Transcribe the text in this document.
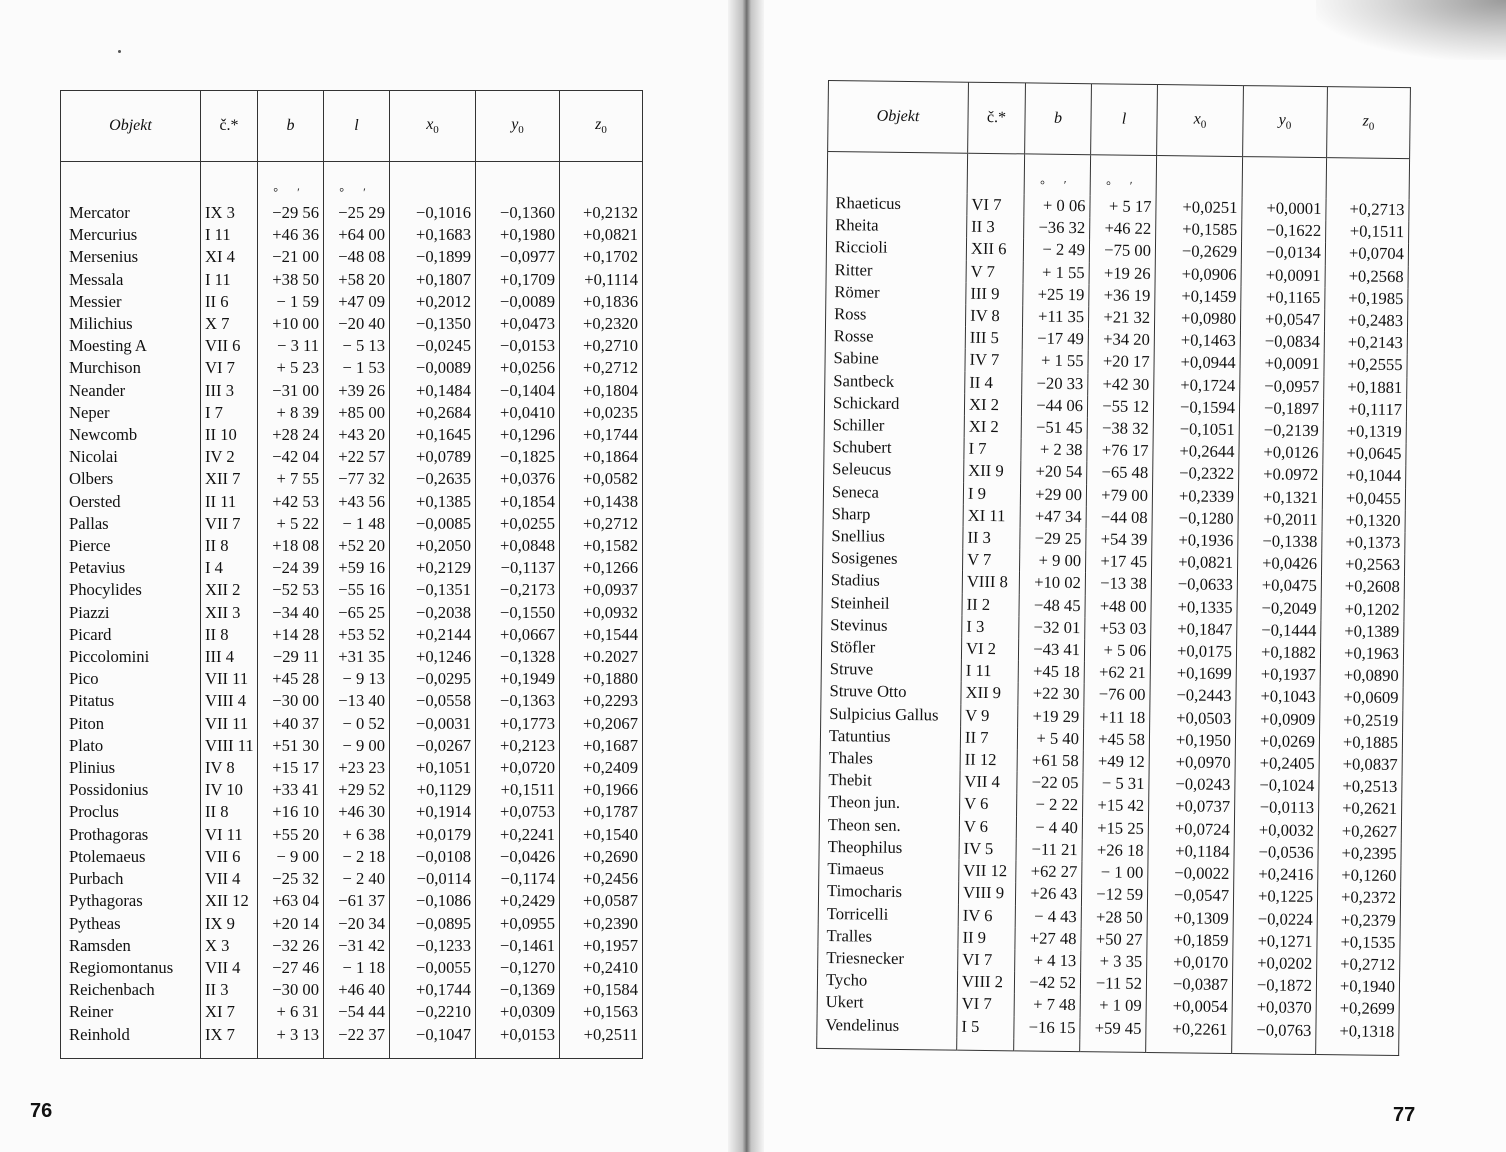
Objekt	č.*	b	l	$x_0$	$y_0$	$z_0$
		° ′	° ′			
Mercator	IX 3	−29 56	−25 29	−0,1016	−0,1360	+0,2132
Mercurius	I 11	+46 36	+64 00	+0,1683	+0,1980	+0,0821
Mersenius	XI 4	−21 00	−48 08	−0,1899	−0,0977	+0,1702
Messala	I 11	+38 50	+58 20	+0,1807	+0,1709	+0,1114
Messier	II 6	− 1 59	+47 09	+0,2012	−0,0089	+0,1836
Milichius	X 7	+10 00	−20 40	−0,1350	+0,0473	+0,2320
Moesting A	VII 6	− 3 11	− 5 13	−0,0245	−0,0153	+0,2710
Murchison	VI 7	+ 5 23	− 1 53	−0,0089	+0,0256	+0,2712
Neander	III 3	−31 00	+39 26	+0,1484	−0,1404	+0,1804
Neper	I 7	+ 8 39	+85 00	+0,2684	+0,0410	+0,0235
Newcomb	II 10	+28 24	+43 20	+0,1645	+0,1296	+0,1744
Nicolai	IV 2	−42 04	+22 57	+0,0789	−0,1825	+0,1864
Olbers	XII 7	+ 7 55	−77 32	−0,2635	+0,0376	+0,0582
Oersted	II 11	+42 53	+43 56	+0,1385	+0,1854	+0,1438
Pallas	VII 7	+ 5 22	− 1 48	−0,0085	+0,0255	+0,2712
Pierce	II 8	+18 08	+52 20	+0,2050	+0,0848	+0,1582
Petavius	I 4	−24 39	+59 16	+0,2129	−0,1137	+0,1266
Phocylides	XII 2	−52 53	−55 16	−0,1351	−0,2173	+0,0937
Piazzi	XII 3	−34 40	−65 25	−0,2038	−0,1550	+0,0932
Picard	II 8	+14 28	+53 52	+0,2144	+0,0667	+0,1544
Piccolomini	III 4	−29 11	+31 35	+0,1246	−0,1328	+0.2027
Pico	VII 11	+45 28	− 9 13	−0,0295	+0,1949	+0,1880
Pitatus	VIII 4	−30 00	−13 40	−0,0558	−0,1363	+0,2293
Piton	VII 11	+40 37	− 0 52	−0,0031	+0,1773	+0,2067
Plato	VIII 11	+51 30	− 9 00	−0,0267	+0,2123	+0,1687
Plinius	IV 8	+15 17	+23 23	+0,1051	+0,0720	+0,2409
Possidonius	IV 10	+33 41	+29 52	+0,1129	+0,1511	+0,1966
Proclus	II 8	+16 10	+46 30	+0,1914	+0,0753	+0,1787
Prothagoras	VI 11	+55 20	+ 6 38	+0,0179	+0,2241	+0,1540
Ptolemaeus	VII 6	− 9 00	− 2 18	−0,0108	−0,0426	+0,2690
Purbach	VII 4	−25 32	− 2 40	−0,0114	−0,1174	+0,2456
Pythagoras	XII 12	+63 04	−61 37	−0,1086	+0,2429	+0,0587
Pytheas	IX 9	+20 14	−20 34	−0,0895	+0,0955	+0,2390
Ramsden	X 3	−32 26	−31 42	−0,1233	−0,1461	+0,1957
Regiomontanus	VII 4	−27 46	− 1 18	−0,0055	−0,1270	+0,2410
Reichenbach	II 3	−30 00	+46 40	+0,1744	−0,1369	+0,1584
Reiner	XI 7	+ 6 31	−54 44	−0,2210	+0,0309	+0,1563
Reinhold	IX 7	+ 3 13	−22 37	−0,1047	+0,0153	+0,2511

76
Objekt	č.*	b	l	$x_0$	$y_0$	$z_0$
		° ′	° ′			
Rhaeticus	VI 7	+ 0 06	+ 5 17	+0,0251	+0,0001	+0,2713
Rheita	II 3	−36 32	+46 22	+0,1585	−0,1622	+0,1511
Riccioli	XII 6	− 2 49	−75 00	−0,2629	−0,0134	+0,0704
Ritter	V 7	+ 1 55	+19 26	+0,0906	+0,0091	+0,2568
Römer	III 9	+25 19	+36 19	+0,1459	+0,1165	+0,1985
Ross	IV 8	+11 35	+21 32	+0,0980	+0,0547	+0,2483
Rosse	III 5	−17 49	+34 20	+0,1463	−0,0834	+0,2143
Sabine	IV 7	+ 1 55	+20 17	+0,0944	+0,0091	+0,2555
Santbeck	II 4	−20 33	+42 30	+0,1724	−0,0957	+0,1881
Schickard	XI 2	−44 06	−55 12	−0,1594	−0,1897	+0,1117
Schiller	XI 2	−51 45	−38 32	−0,1051	−0,2139	+0,1319
Schubert	I 7	+ 2 38	+76 17	+0,2644	+0,0126	+0,0645
Seleucus	XII 9	+20 54	−65 48	−0,2322	+0.0972	+0,1044
Seneca	I 9	+29 00	+79 00	+0,2339	+0,1321	+0,0455
Sharp	XI 11	+47 34	−44 08	−0,1280	+0,2011	+0,1320
Snellius	II 3	−29 25	+54 39	+0,1936	−0,1338	+0,1373
Sosigenes	V 7	+ 9 00	+17 45	+0,0821	+0,0426	+0,2563
Stadius	VIII 8	+10 02	−13 38	−0,0633	+0,0475	+0,2608
Steinheil	II 2	−48 45	+48 00	+0,1335	−0,2049	+0,1202
Stevinus	I 3	−32 01	+53 03	+0,1847	−0,1444	+0,1389
Stöfler	VI 2	−43 41	+ 5 06	+0,0175	+0,1882	+0,1963
Struve	I 11	+45 18	+62 21	+0,1699	+0,1937	+0,0890
Struve Otto	XII 9	+22 30	−76 00	−0,2443	+0,1043	+0,0609
Sulpicius Gallus	V 9	+19 29	+11 18	+0,0503	+0,0909	+0,2519
Tatuntius	II 7	+ 5 40	+45 58	+0,1950	+0,0269	+0,1885
Thales	II 12	+61 58	+49 12	+0,0970	+0,2405	+0,0837
Thebit	VII 4	−22 05	− 5 31	−0,0243	−0,1024	+0,2513
Theon jun.	V 6	− 2 22	+15 42	+0,0737	−0,0113	+0,2621
Theon sen.	V 6	− 4 40	+15 25	+0,0724	+0,0032	+0,2627
Theophilus	IV 5	−11 21	+26 18	+0,1184	−0,0536	+0,2395
Timaeus	VII 12	+62 27	− 1 00	−0,0022	+0,2416	+0,1260
Timocharis	VIII 9	+26 43	−12 59	−0,0547	+0,1225	+0,2372
Torricelli	IV 6	− 4 43	+28 50	+0,1309	−0,0224	+0,2379
Tralles	II 9	+27 48	+50 27	+0,1859	+0,1271	+0,1535
Triesnecker	VI 7	+ 4 13	+ 3 35	+0,0170	+0,0202	+0,2712
Tycho	VIII 2	−42 52	−11 52	−0,0387	−0,1872	+0,1940
Ukert	VI 7	+ 7 48	+ 1 09	+0,0054	+0,0370	+0,2699
Vendelinus	I 5	−16 15	+59 45	+0,2261	−0,0763	+0,1318

77
